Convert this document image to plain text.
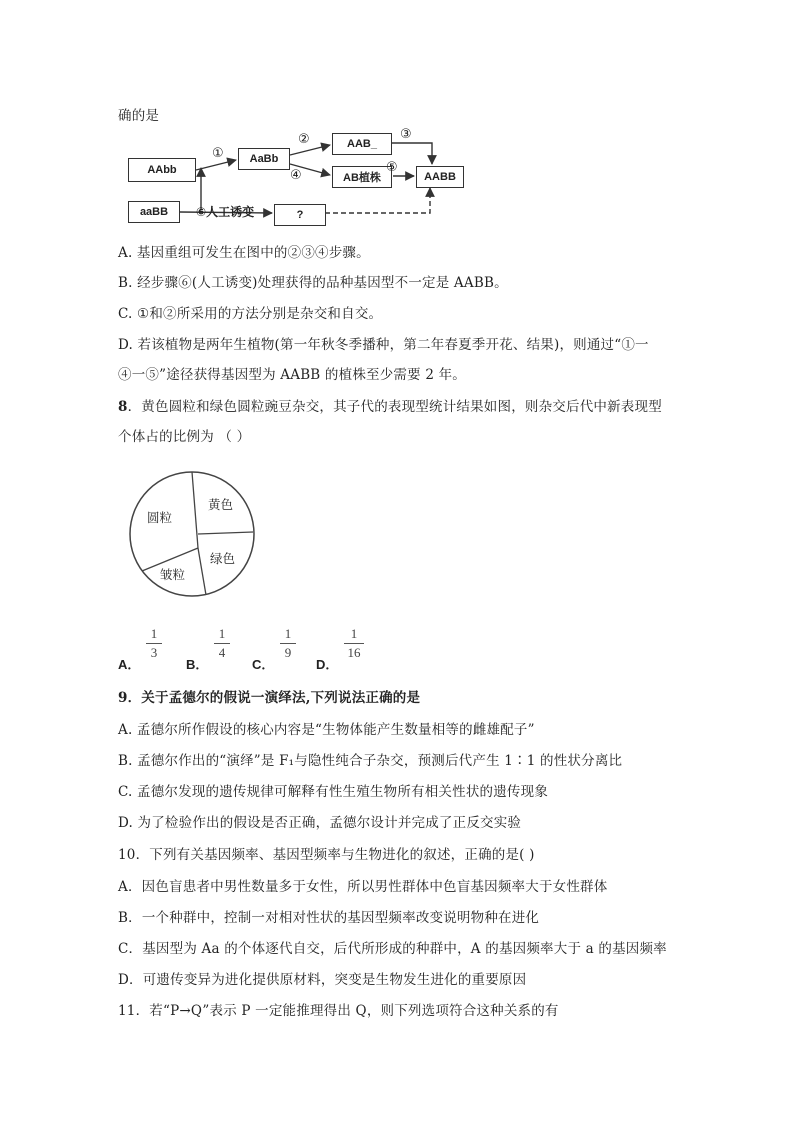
确的是
AAbb
aaBB
AaBb
AAB_
AB植株	AABB
?
①
②	③
④
⑤
⑥人工诱变
A. 基因重组可发生在图中的②③④步骤。
B. 经步骤⑥(人工诱变)处理获得的品种基因型不一定是 AABB。
C. ①和②所采用的方法分别是杂交和自交。
D. 若该植物是两年生植物(第一年秋冬季播种，第二年春夏季开花、结果)，则通过“①一
④一⑤”途径获得基因型为 AABB 的植株至少需要 2 年。
8．黄色圆粒和绿色圆粒豌豆杂交，其子代的表现型统计结果如图，则杂交后代中新表现型
个体占的比例为 （ ）
圆粒
黄色
绿色
皱粒
A．
1
3
B．
1
4
C．
1
9
D．
1
16
9．关于孟德尔的假说一演绎法,下列说法正确的是
A. 孟德尔所作假设的核心内容是“生物体能产生数量相等的雌雄配子”
B. 孟德尔作出的“演绎”是 F₁与隐性纯合子杂交，预测后代产生 1∶1 的性状分离比
C. 孟德尔发现的遗传规律可解释有性生殖生物所有相关性状的遗传现象
D. 为了检验作出的假设是否正确，孟德尔设计并完成了正反交实验
10．下列有关基因频率、基因型频率与生物进化的叙述，正确的是( )
A．因色盲患者中男性数量多于女性，所以男性群体中色盲基因频率大于女性群体
B．一个种群中，控制一对相对性状的基因型频率改变说明物种在进化
C．基因型为 Aa 的个体逐代自交，后代所形成的种群中，A 的基因频率大于 a 的基因频率
D．可遗传变异为进化提供原材料，突变是生物发生进化的重要原因
11．若“P→Q”表示 P 一定能推理得出 Q，则下列选项符合这种关系的有
